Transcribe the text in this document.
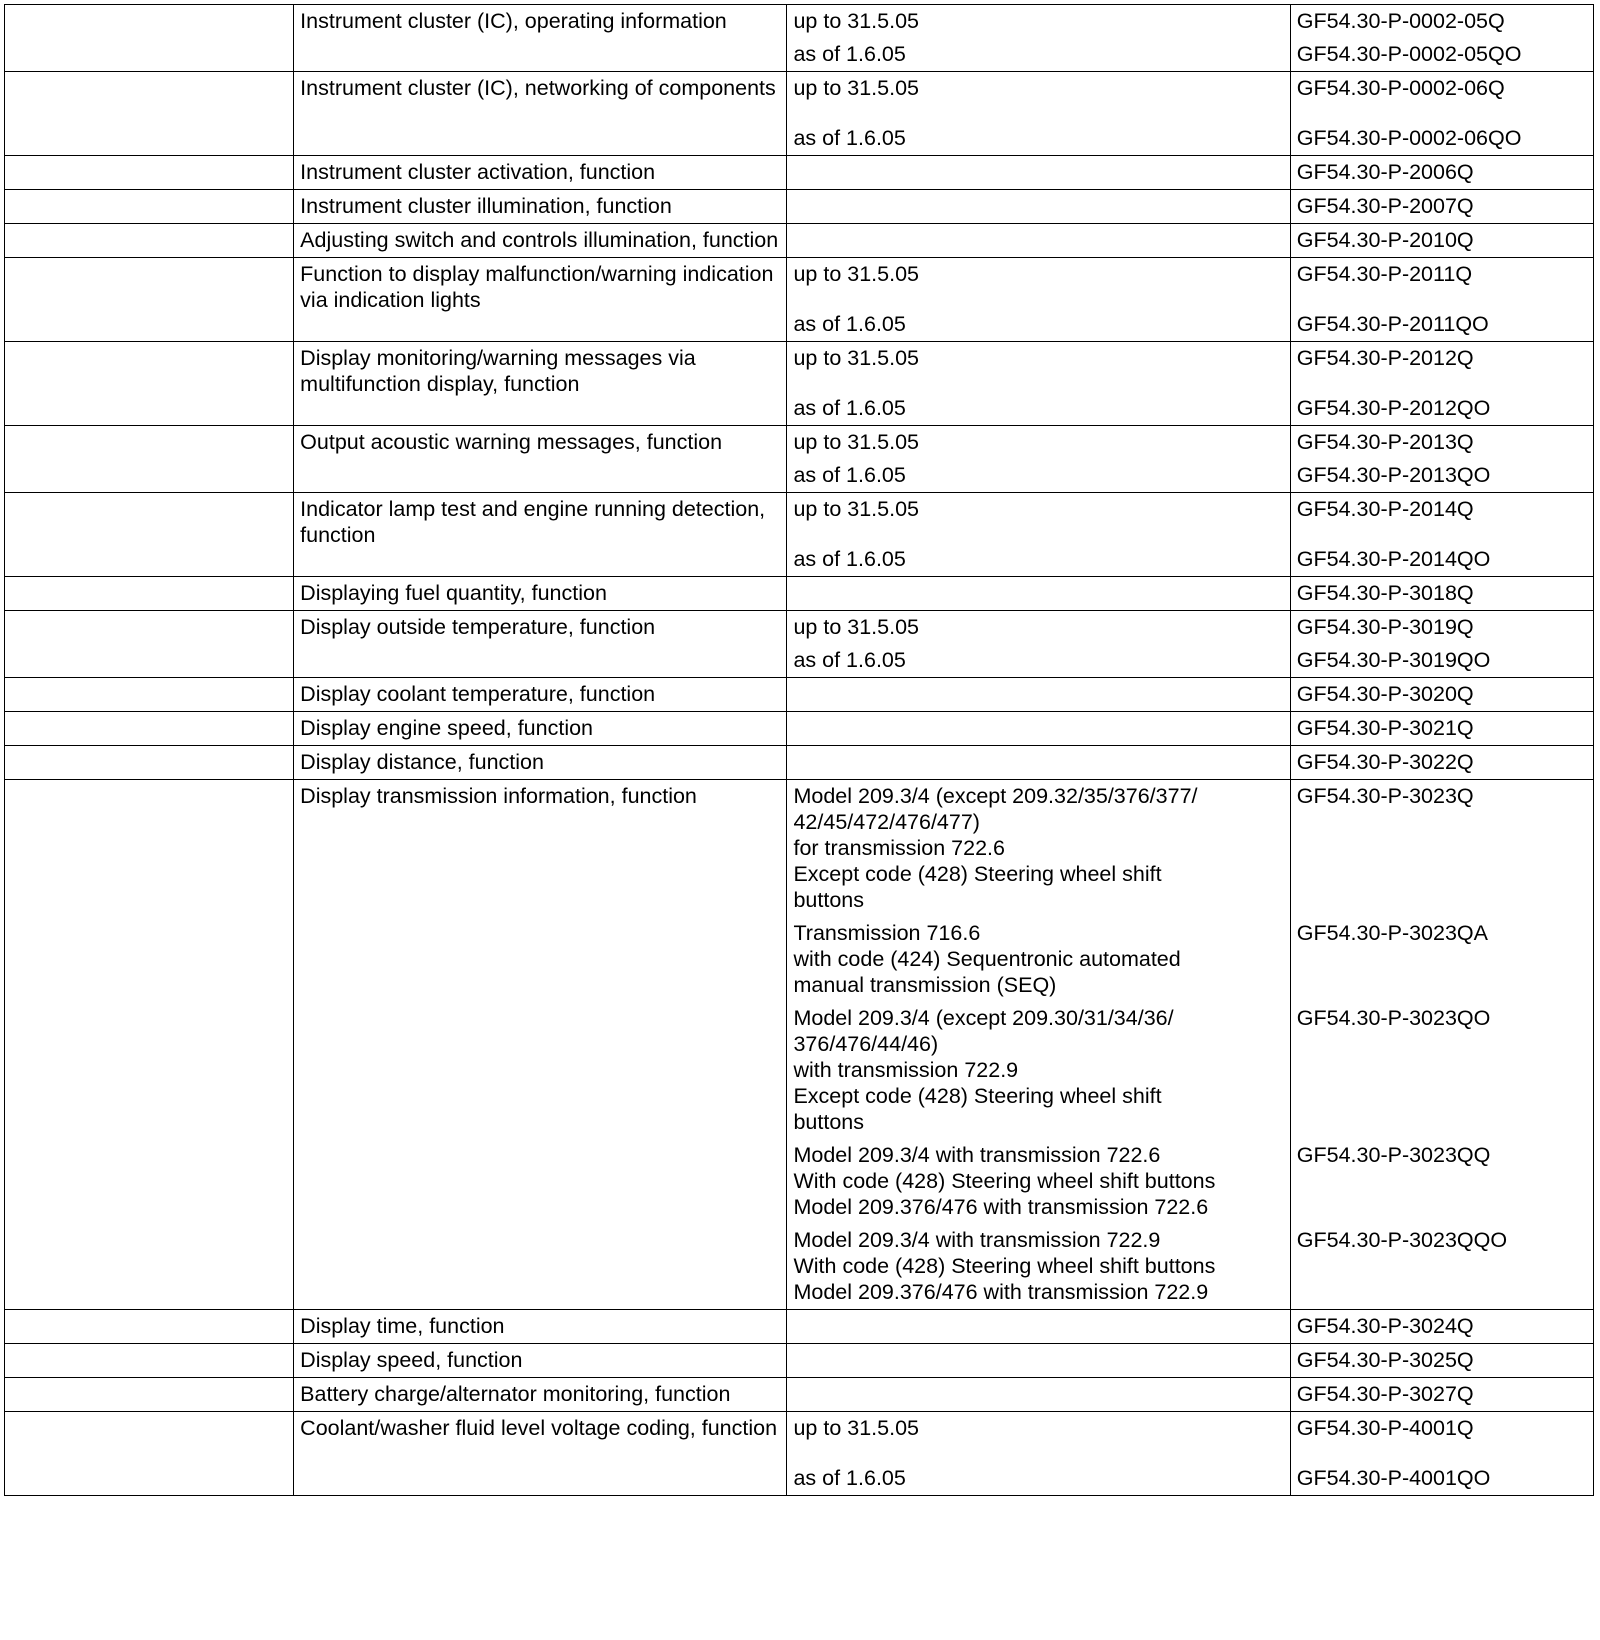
	Instrument cluster (IC), operating information	up to 31.5.05	GF54.30-P-0002-05Q

		as of 1.6.05	GF54.30-P-0002-05QO
	Instrument cluster (IC), networking of components	up to 31.5.05	GF54.30-P-0002-06Q

		as of 1.6.05	GF54.30-P-0002-06QO
	Instrument cluster activation, function		GF54.30-P-2006Q
	Instrument cluster illumination, function		GF54.30-P-2007Q
	Adjusting switch and controls illumination, function		GF54.30-P-2010Q
	Function to display malfunction/warning indication via indication lights	up to 31.5.05	GF54.30-P-2011Q

		as of 1.6.05	GF54.30-P-2011QO
	Display monitoring/warning messages via multifunction display, function	up to 31.5.05	GF54.30-P-2012Q

		as of 1.6.05	GF54.30-P-2012QO
	Output acoustic warning messages, function	up to 31.5.05	GF54.30-P-2013Q

		as of 1.6.05	GF54.30-P-2013QO
	Indicator lamp test and engine running detection, function	up to 31.5.05	GF54.30-P-2014Q

		as of 1.6.05	GF54.30-P-2014QO
	Displaying fuel quantity, function		GF54.30-P-3018Q
	Display outside temperature, function	up to 31.5.05	GF54.30-P-3019Q

		as of 1.6.05	GF54.30-P-3019QO
	Display coolant temperature, function		GF54.30-P-3020Q
	Display engine speed, function		GF54.30-P-3021Q
	Display distance, function		GF54.30-P-3022Q
	Display transmission information, function	Model 209.3/4 (except 209.32/35/376/377/
42/45/472/476/477)
for transmission 722.6
Except code (428) Steering wheel shift
buttons	GF54.30-P-3023Q

		Transmission 716.6
with code (424) Sequentronic automated
manual transmission (SEQ)	GF54.30-P-3023QA

		Model 209.3/4 (except 209.30/31/34/36/
376/476/44/46)
with transmission 722.9
Except code (428) Steering wheel shift
buttons	GF54.30-P-3023QO

		Model 209.3/4 with transmission 722.6
With code (428) Steering wheel shift buttons
Model 209.376/476 with transmission 722.6	GF54.30-P-3023QQ

		Model 209.3/4 with transmission 722.9
With code (428) Steering wheel shift buttons
Model 209.376/476 with transmission 722.9	GF54.30-P-3023QQO
	Display time, function		GF54.30-P-3024Q
	Display speed, function		GF54.30-P-3025Q
	Battery charge/alternator monitoring, function		GF54.30-P-3027Q
	Coolant/washer fluid level voltage coding, function	up to 31.5.05	GF54.30-P-4001Q

		as of 1.6.05	GF54.30-P-4001QO
